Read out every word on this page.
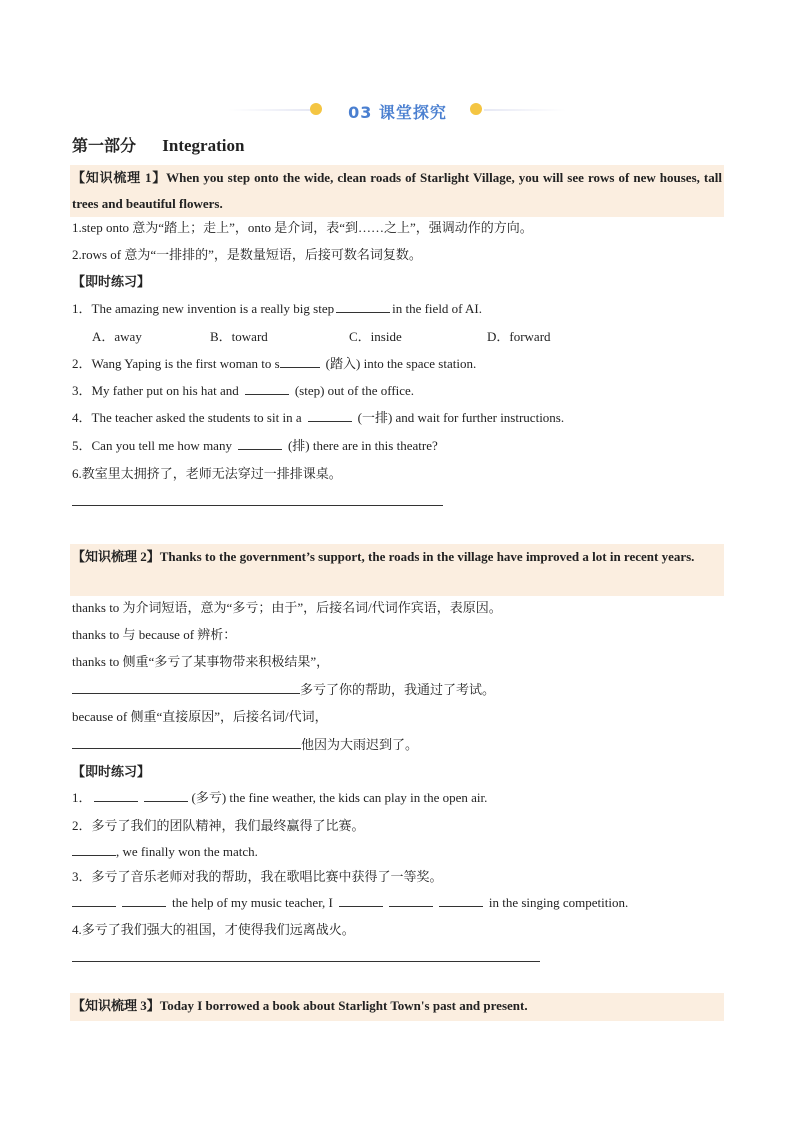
03 课堂探究
第一部分 Integration
【知识梳理 1】When you step onto the wide, clean roads of Starlight Village, you will see rows of new houses, tall trees and beautiful flowers.
1.step onto 意为“踏上；走上”，onto 是介词，表“到……之上”，强调动作的方向。
2.rows of 意为“一排排的”，是数量短语，后接可数名词复数。
【即时练习】
1．The amazing new invention is a really big step	in the field of AI.
A．away	B．toward	C．inside	D．forward
2．Wang Yaping is the first woman to s	(踏入) into the space station.
3．My father put on his hat and	(step) out of the office.
4．The teacher asked the students to sit in a	(一排) and wait for further instructions.
5．Can you tell me how many	(排) there are in this theatre?
6.教室里太拥挤了，老师无法穿过一排排课桌。
【知识梳理 2】Thanks to the government’s support, the roads in the village have improved a lot in recent years.
thanks to 为介词短语，意为“多亏；由于”，后接名词/代词作宾语，表原因。
thanks to 与 because of 辨析：
thanks to 侧重“多亏了某事物带来积极结果”，
多亏了你的帮助，我通过了考试。
because of 侧重“直接原因”，后接名词/代词，
他因为大雨迟到了。
【即时练习】
1．	(多亏) the fine weather, the kids can play in the open air.
2．多亏了我们的团队精神，我们最终赢得了比赛。
, we finally won the match.
3．多亏了音乐老师对我的帮助，我在歌唱比赛中获得了一等奖。
the help of my music teacher, I	in the singing competition.
4.多亏了我们强大的祖国，才使得我们远离战火。
【知识梳理 3】Today I borrowed a book about Starlight Town's past and present.
